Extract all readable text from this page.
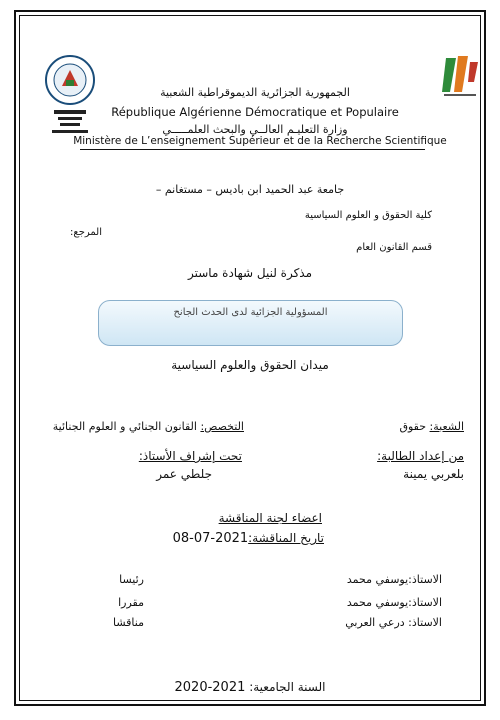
الجمهورية الجزائرية الديموقراطية الشعبية
République Algérienne Démocratique et Populaire
وزارة التعليـم العالــي والبحث العلمـــــي
Ministère de L’enseignement Supérieur et de la Recherche Scientifique
جامعة عبد الحميد ابن باديس – مستغانم –
كلية الحقوق و العلوم السياسية
المرجع:
قسم القانون العام
مذكرة لنيل شهادة ماستر
المسؤولية الجزائية لدى الحدث الجانح
ميدان الحقوق والعلوم السياسية
الشعبة: حقوق
التخصص: القانون الجنائي و العلوم الجنائية
من إعداد الطالبة:
بلعربي يمينة
تحت إشراف الأستاذ:
جلطي عمر
اعضاء لجنة المناقشة
تاريخ المناقشة:08-07-2021
الاستاذ:يوسفي محمد
رئيسا
الاستاذ:يوسفي محمد
مقررا
الاستاذ: درعي العربي
مناقشا
السنة الجامعية: 2020-2021
